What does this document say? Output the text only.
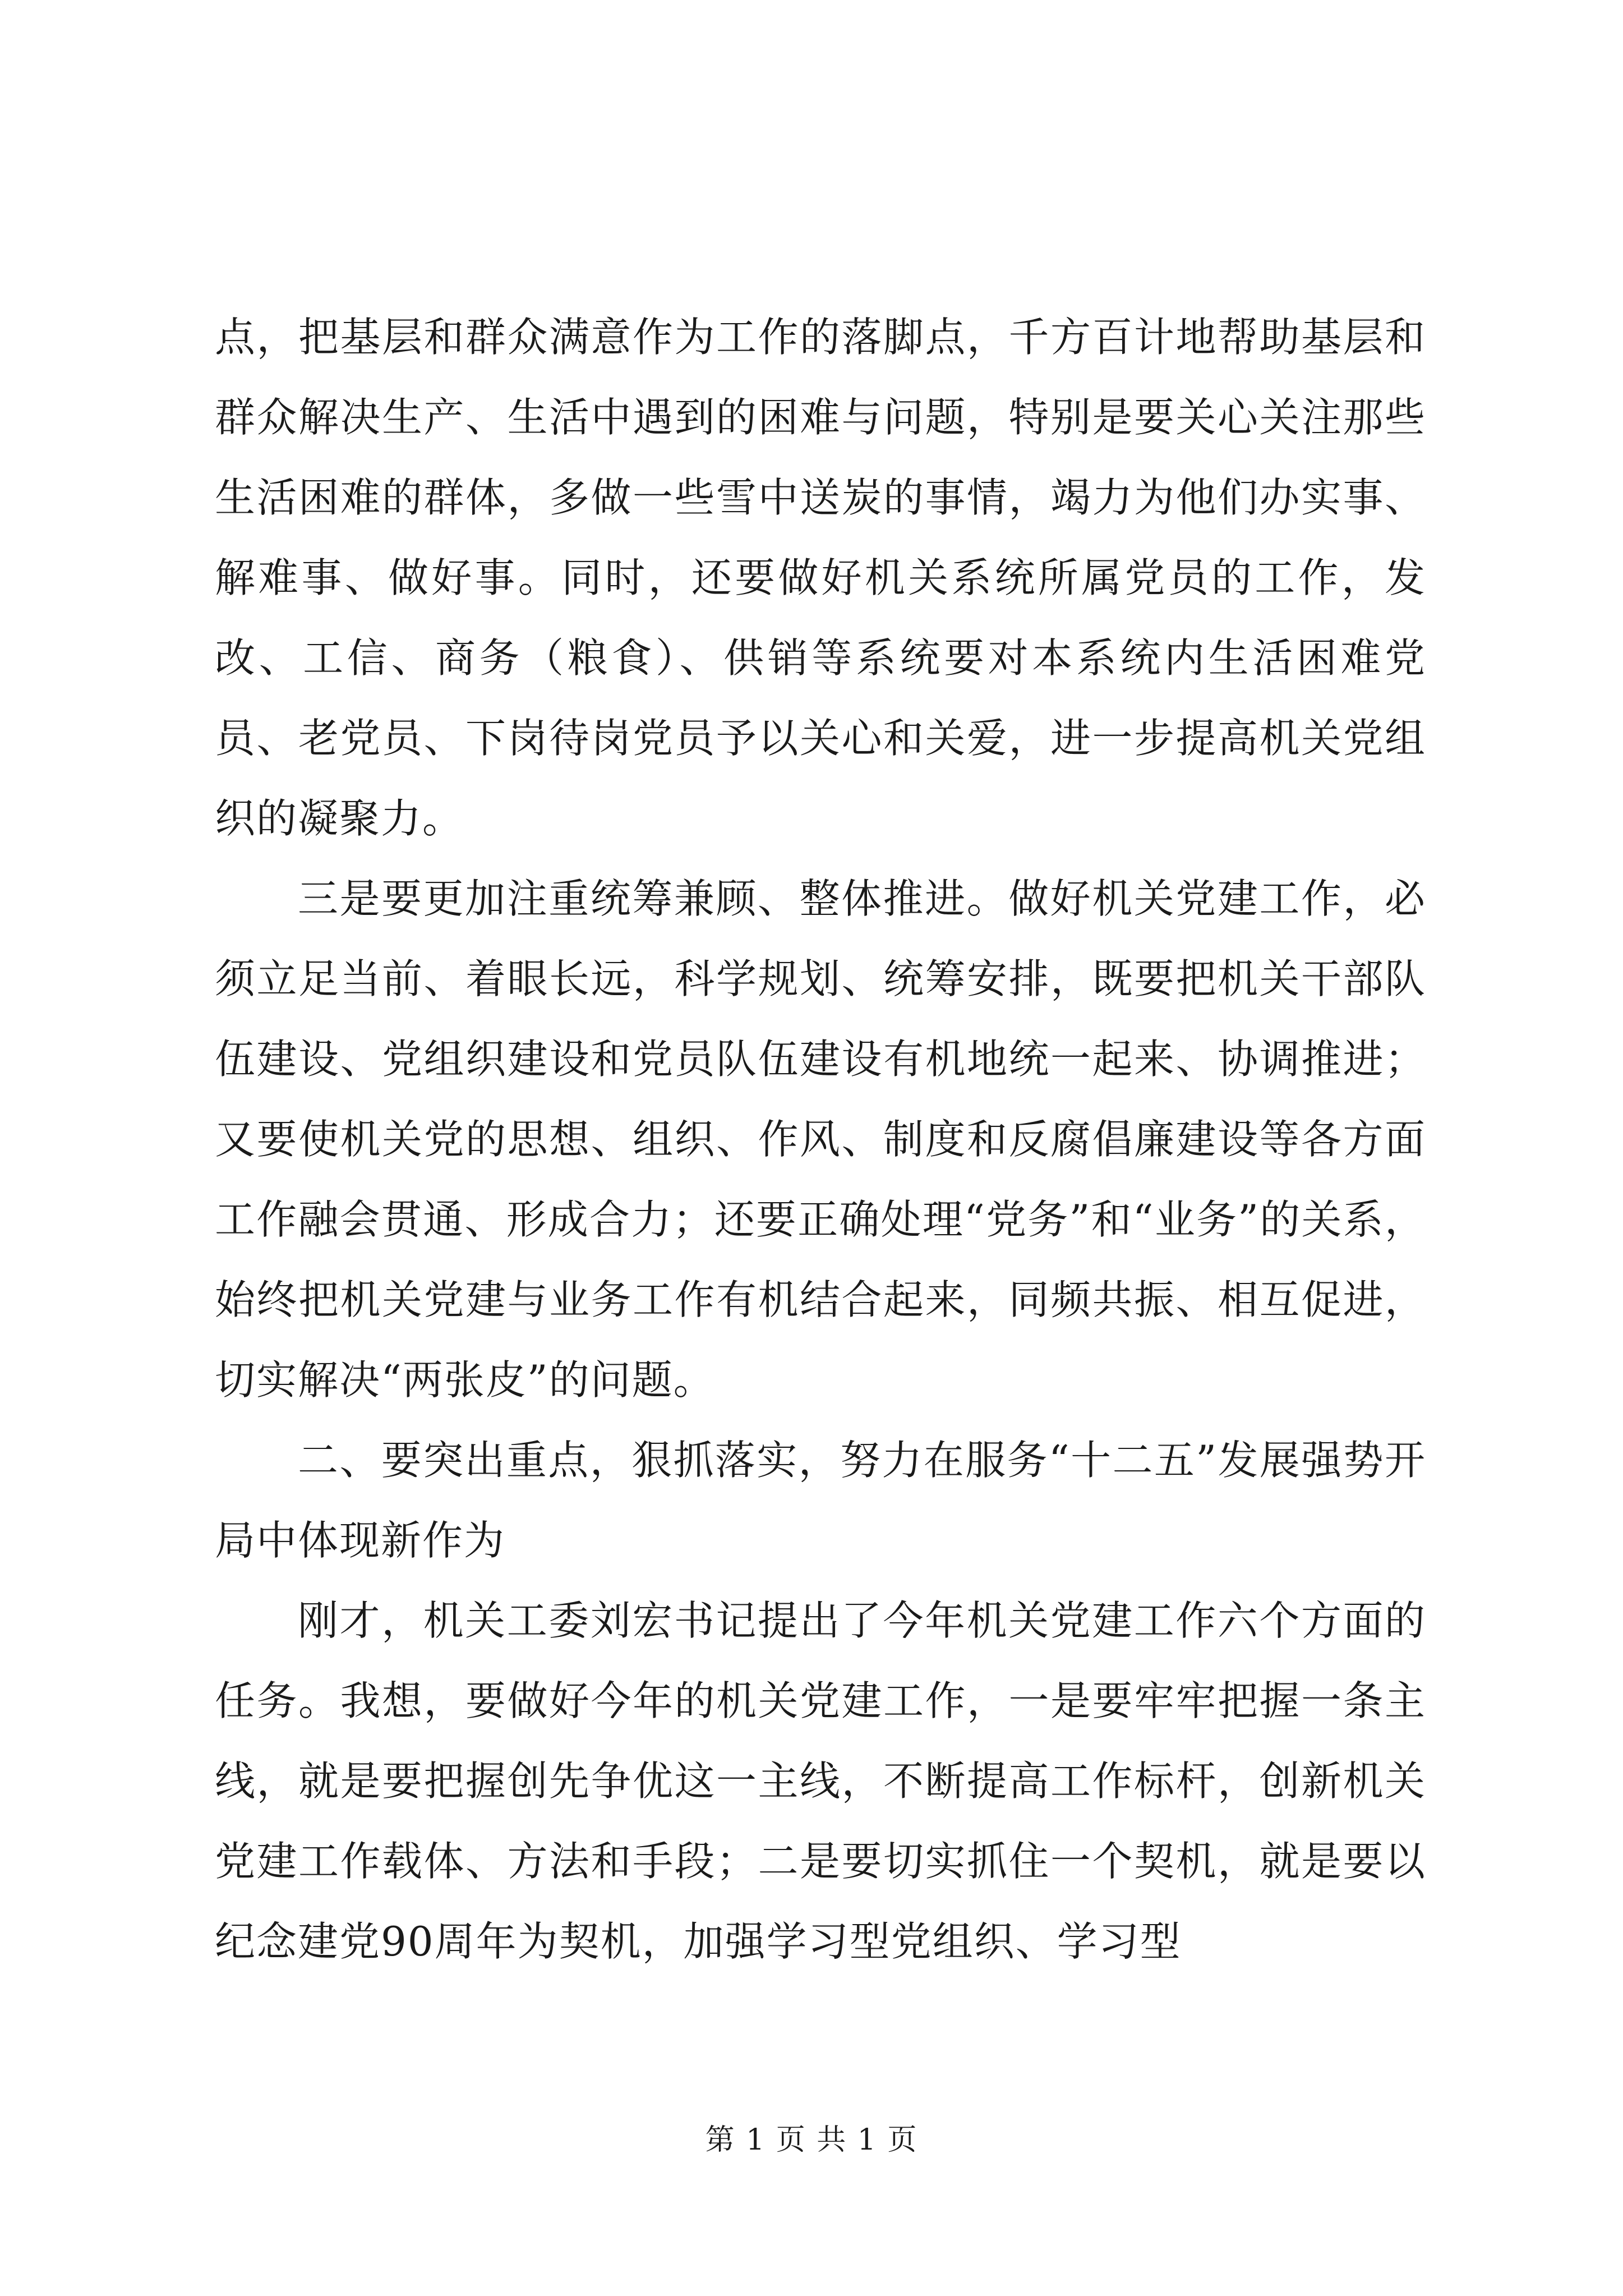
点，把基层和群众满意作为工作的落脚点，千方百计地帮助基层和群众解决生产、生活中遇到的困难与问题，特别是要关心关注那些生活困难的群体，多做一些雪中送炭的事情，竭力为他们办实事、解难事、做好事。同时，还要做好机关系统所属党员的工作，发改、工信、商务（粮食）、供销等系统要对本系统内生活困难党员、老党员、下岗待岗党员予以关心和关爱，进一步提高机关党组织的凝聚力。

三是要更加注重统筹兼顾、整体推进。做好机关党建工作，必须立足当前、着眼长远，科学规划、统筹安排，既要把机关干部队伍建设、党组织建设和党员队伍建设有机地统一起来、协调推进；又要使机关党的思想、组织、作风、制度和反腐倡廉建设等各方面工作融会贯通、形成合力；还要正确处理“党务”和“业务”的关系，始终把机关党建与业务工作有机结合起来，同频共振、相互促进，切实解决“两张皮”的问题。

二、要突出重点，狠抓落实，努力在服务“十二五”发展强势开局中体现新作为

刚才，机关工委刘宏书记提出了今年机关党建工作六个方面的任务。我想，要做好今年的机关党建工作，一是要牢牢把握一条主线，就是要把握创先争优这一主线，不断提高工作标杆，创新机关党建工作载体、方法和手段；二是要切实抓住一个契机，就是要以纪念建党90周年为契机，加强学习型党组织、学习型

第 1 页 共 1 页
